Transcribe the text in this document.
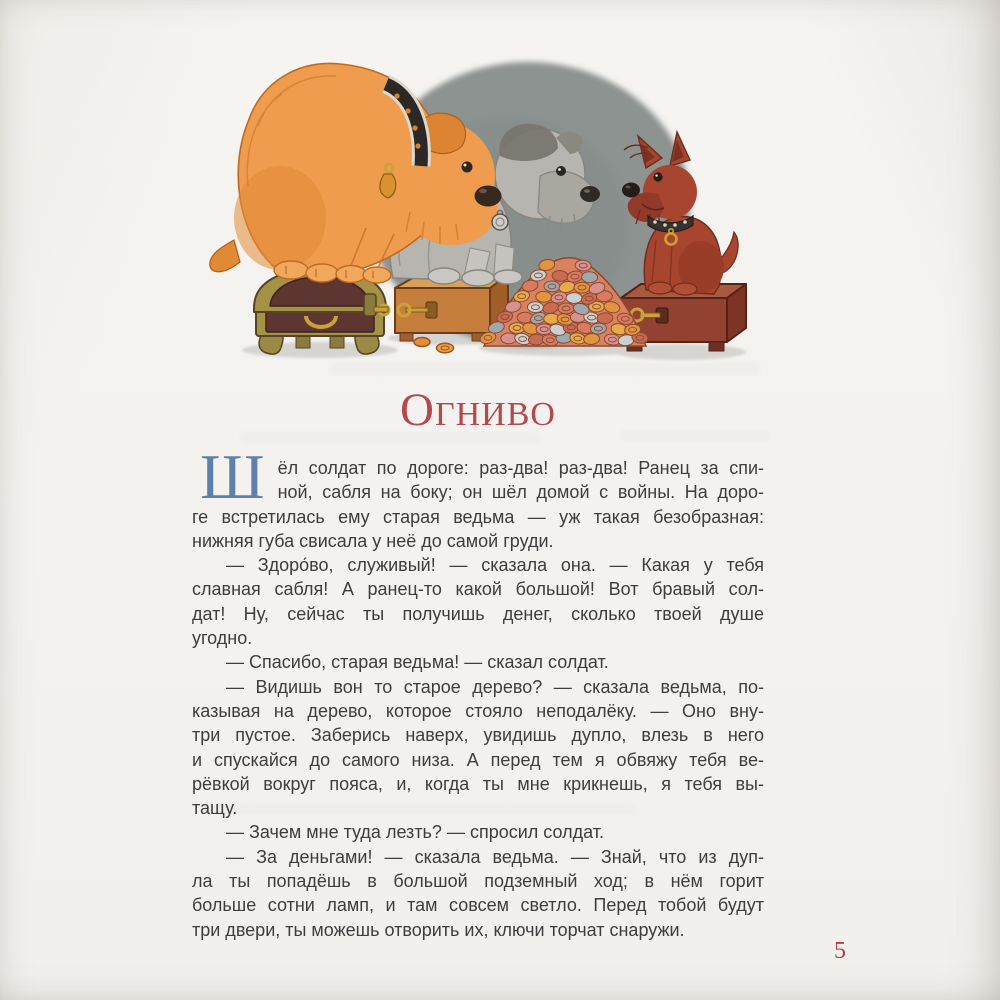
ОГНИВО
Ш ёл солдат по дороге: раз-два! раз-два! Ранец за спи-
ной, сабля на боку; он шёл домой с войны. На доро-
ге встретилась ему старая ведьма — уж такая безобразная:
нижняя губа свисала у неё до самой груди.
— Здоро́во, служивый! — сказала она. — Какая у тебя
славная сабля! А ранец-то какой большой! Вот бравый сол-
дат! Ну, сейчас ты получишь денег, сколько твоей душе
угодно.
— Спасибо, старая ведьма! — сказал солдат.
— Видишь вон то старое дерево? — сказала ведьма, по-
казывая на дерево, которое стояло неподалёку. — Оно вну-
три пустое. Заберись наверх, увидишь дупло, влезь в него
и спускайся до самого низа. А перед тем я обвяжу тебя ве-
рёвкой вокруг пояса, и, когда ты мне крикнешь, я тебя вы-
тащу.
— Зачем мне туда лезть? — спросил солдат.
— За деньгами! — сказала ведьма. — Знай, что из дуп-
ла ты попадёшь в большой подземный ход; в нём горит
больше сотни ламп, и там совсем светло. Перед тобой будут
три двери, ты можешь отворить их, ключи торчат снаружи.
5
